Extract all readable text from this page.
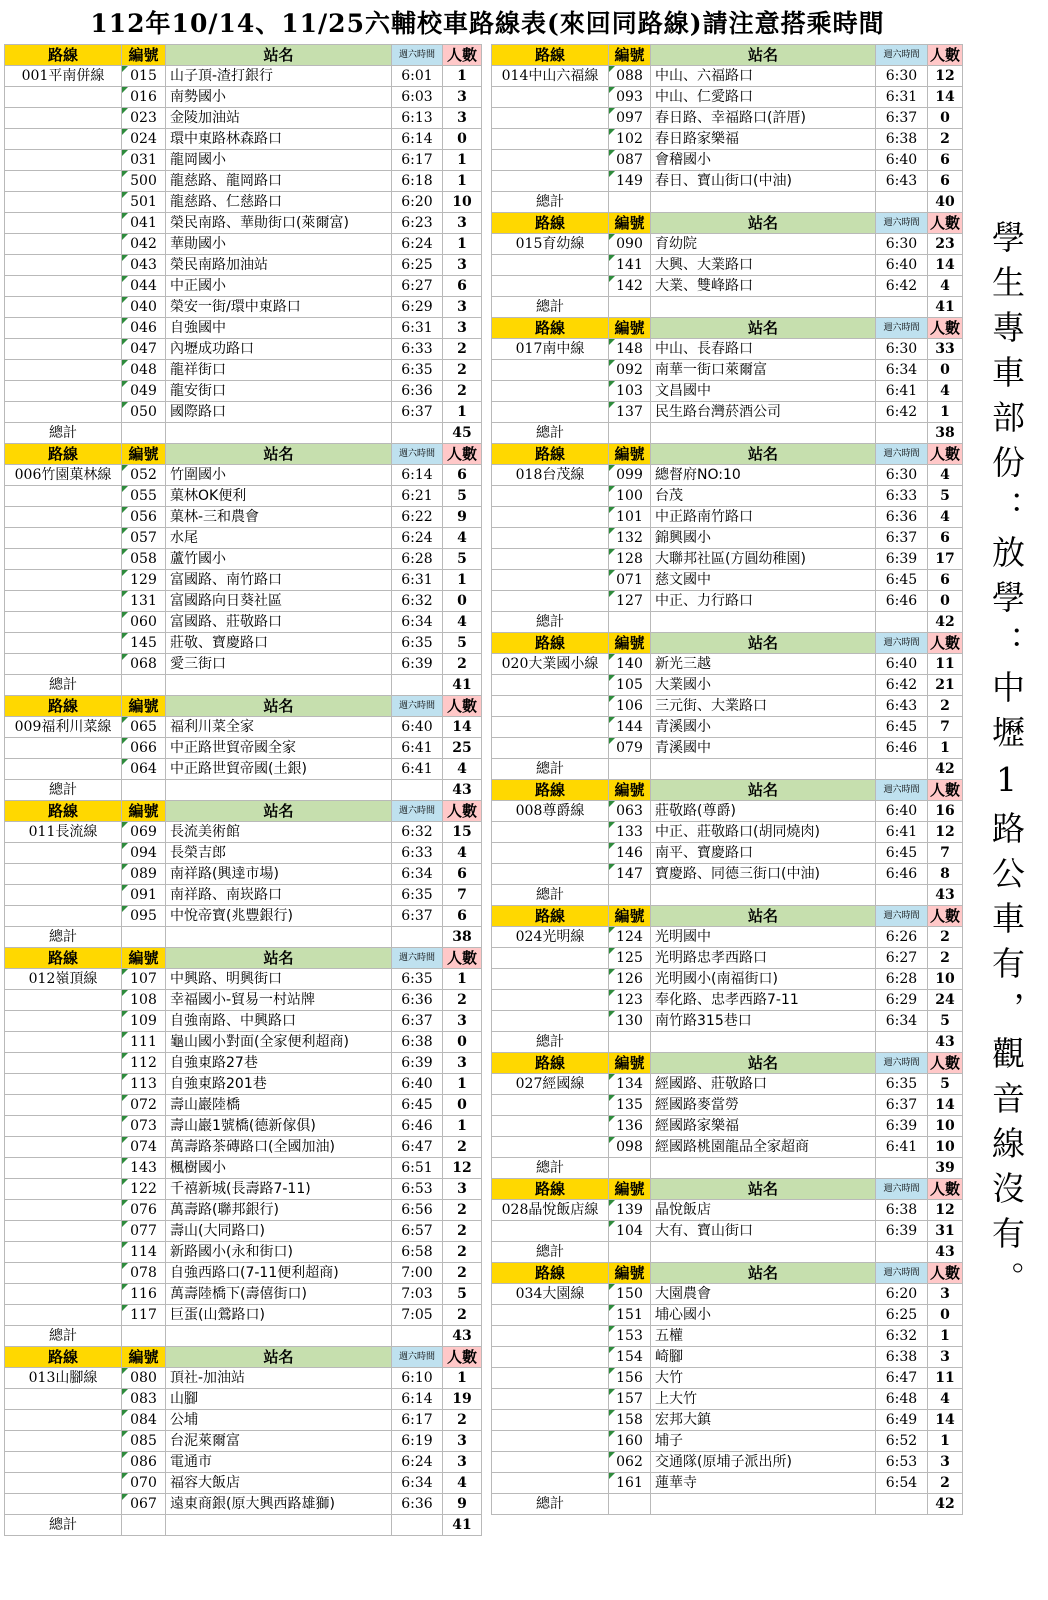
112年10/14、11/25六輔校車路線表(來回同路線)請注意搭乘時間
路線	編號	站名	週六時間	人數
001平南併線	015	山子頂-渣打銀行	6:01	1
	016	南勢國小	6:03	3
	023	金陵加油站	6:13	3
	024	環中東路林森路口	6:14	0
	031	龍岡國小	6:17	1
	500	龍慈路、龍岡路口	6:18	1
	501	龍慈路、仁慈路口	6:20	10
	041	榮民南路、華勛街口(萊爾富)	6:23	3
	042	華勛國小	6:24	1
	043	榮民南路加油站	6:25	3
	044	中正國小	6:27	6
	040	榮安一街/環中東路口	6:29	3
	046	自強國中	6:31	3
	047	內壢成功路口	6:33	2
	048	龍祥街口	6:35	2
	049	龍安街口	6:36	2
	050	國際路口	6:37	1
總計				45
路線	編號	站名	週六時間	人數
006竹園菓林線	052	竹圍國小	6:14	6
	055	菓林OK便利	6:21	5
	056	菓林-三和農會	6:22	9
	057	水尾	6:24	4
	058	蘆竹國小	6:28	5
	129	富國路、南竹路口	6:31	1
	131	富國路向日葵社區	6:32	0
	060	富國路、莊敬路口	6:34	4
	145	莊敬、寶慶路口	6:35	5
	068	愛三街口	6:39	2
總計				41
路線	編號	站名	週六時間	人數
009福利川菜線	065	福利川菜全家	6:40	14
	066	中正路世貿帝國全家	6:41	25
	064	中正路世貿帝國(土銀)	6:41	4
總計				43
路線	編號	站名	週六時間	人數
011長流線	069	長流美術館	6:32	15
	094	長榮吉郎	6:33	4
	089	南祥路(興達市場)	6:34	6
	091	南祥路、南崁路口	6:35	7
	095	中悅帝寶(兆豐銀行)	6:37	6
總計				38
路線	編號	站名	週六時間	人數
012嶺頂線	107	中興路、明興街口	6:35	1
	108	幸福國小-貿易一村站牌	6:36	2
	109	自強南路、中興路口	6:37	3
	111	龜山國小對面(全家便利超商)	6:38	0
	112	自強東路27巷	6:39	3
	113	自強東路201巷	6:40	1
	072	壽山巖陸橋	6:45	0
	073	壽山巖1號橋(德新傢俱)	6:46	1
	074	萬壽路茶磚路口(全國加油)	6:47	2
	143	楓樹國小	6:51	12
	122	千禧新城(長壽路7-11)	6:53	3
	076	萬壽路(聯邦銀行)	6:56	2
	077	壽山(大同路口)	6:57	2
	114	新路國小(永和街口)	6:58	2
	078	自強西路口(7-11便利超商)	7:00	2
	116	萬壽陸橋下(壽僖街口)	7:03	5
	117	巨蛋(山鶯路口)	7:05	2
總計				43
路線	編號	站名	週六時間	人數
013山腳線	080	頂社-加油站	6:10	1
	083	山腳	6:14	19
	084	公埔	6:17	2
	085	台泥萊爾富	6:19	3
	086	電通市	6:24	3
	070	福容大飯店	6:34	4
	067	遠東商銀(原大興西路雄獅)	6:36	9
總計				41
路線	編號	站名	週六時間	人數
014中山六福線	088	中山、六福路口	6:30	12
	093	中山、仁愛路口	6:31	14
	097	春日路、幸福路口(許厝)	6:37	0
	102	春日路家樂福	6:38	2
	087	會稽國小	6:40	6
	149	春日、寶山街口(中油)	6:43	6
總計				40
路線	編號	站名	週六時間	人數
015育幼線	090	育幼院	6:30	23
	141	大興、大業路口	6:40	14
	142	大業、雙峰路口	6:42	4
總計				41
路線	編號	站名	週六時間	人數
017南中線	148	中山、長春路口	6:30	33
	092	南華一街口萊爾富	6:34	0
	103	文昌國中	6:41	4
	137	民生路台灣菸酒公司	6:42	1
總計				38
路線	編號	站名	週六時間	人數
018台茂線	099	總督府NO:10	6:30	4
	100	台茂	6:33	5
	101	中正路南竹路口	6:36	4
	132	錦興國小	6:37	6
	128	大聯邦社區(方圓幼稚園)	6:39	17
	071	慈文國中	6:45	6
	127	中正、力行路口	6:46	0
總計				42
路線	編號	站名	週六時間	人數
020大業國小線	140	新光三越	6:40	11
	105	大業國小	6:42	21
	106	三元街、大業路口	6:43	2
	144	青溪國小	6:45	7
	079	青溪國中	6:46	1
總計				42
路線	編號	站名	週六時間	人數
008尊爵線	063	莊敬路(尊爵)	6:40	16
	133	中正、莊敬路口(胡同燒肉)	6:41	12
	146	南平、寶慶路口	6:45	7
	147	寶慶路、同德三街口(中油)	6:46	8
總計				43
路線	編號	站名	週六時間	人數
024光明線	124	光明國中	6:26	2
	125	光明路忠孝西路口	6:27	2
	126	光明國小(南福街口)	6:28	10
	123	奉化路、忠孝西路7-11	6:29	24
	130	南竹路315巷口	6:34	5
總計				43
路線	編號	站名	週六時間	人數
027經國線	134	經國路、莊敬路口	6:35	5
	135	經國路麥當勞	6:37	14
	136	經國路家樂福	6:39	10
	098	經國路桃園龍品全家超商	6:41	10
總計				39
路線	編號	站名	週六時間	人數
028晶悅飯店線	139	晶悅飯店	6:38	12
	104	大有、寶山街口	6:39	31
總計				43
路線	編號	站名	週六時間	人數
034大園線	150	大園農會	6:20	3
	151	埔心國小	6:25	0
	153	五權	6:32	1
	154	崎腳	6:38	3
	156	大竹	6:47	11
	157	上大竹	6:48	4
	158	宏邦大鎮	6:49	14
	160	埔子	6:52	1
	062	交通隊(原埔子派出所)	6:53	3
	161	蓮華寺	6:54	2
總計				42
學生專車部份：放學：中壢1路公車有，觀音線沒有。
